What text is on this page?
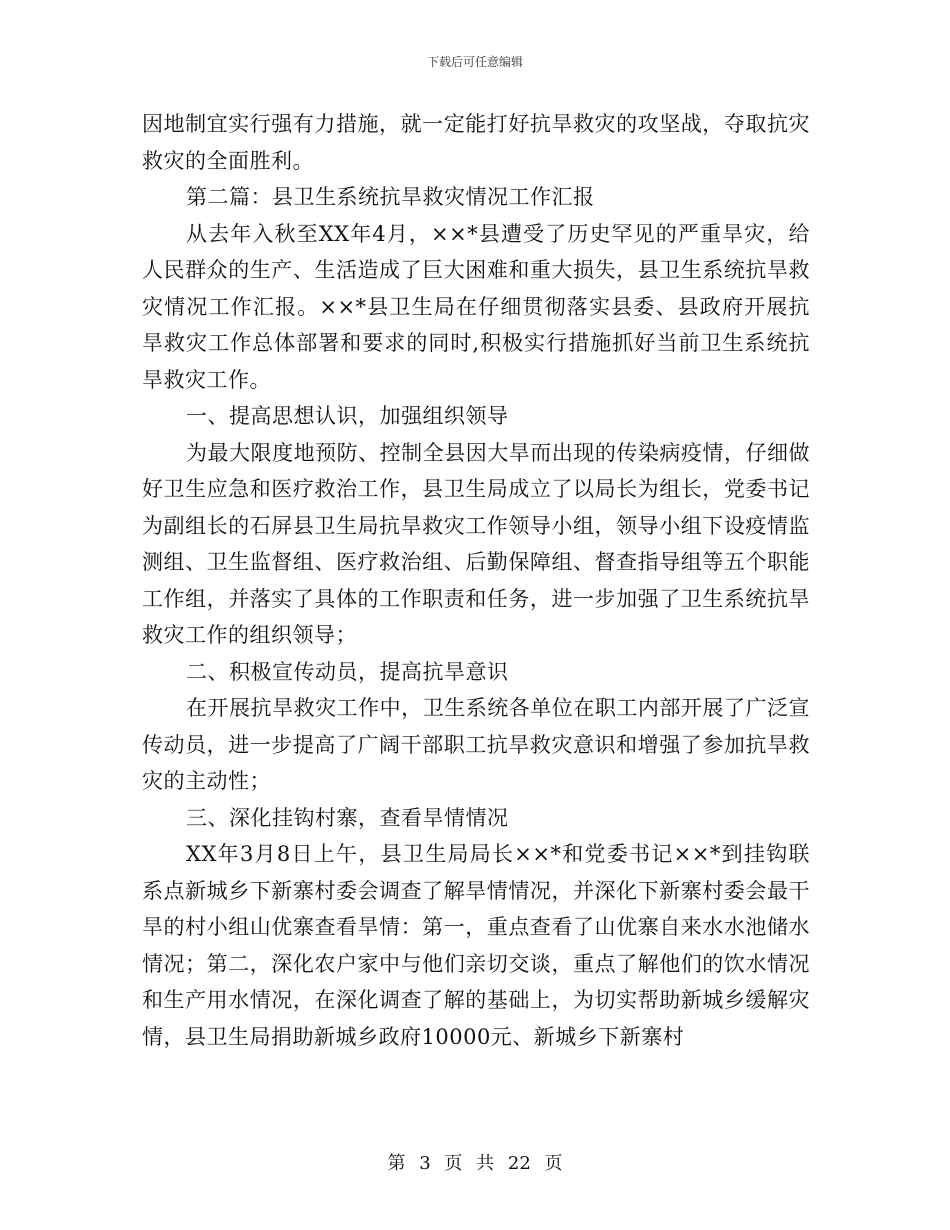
下载后可任意编辑

因地制宜实行强有力措施，就一定能打好抗旱救灾的攻坚战，夺取抗灾救灾的全面胜利。

第二篇：县卫生系统抗旱救灾情况工作汇报

从去年入秋至XX年4月，××*县遭受了历史罕见的严重旱灾，给人民群众的生产、生活造成了巨大困难和重大损失，县卫生系统抗旱救灾情况工作汇报。××*县卫生局在仔细贯彻落实县委、县政府开展抗旱救灾工作总体部署和要求的同时,积极实行措施抓好当前卫生系统抗旱救灾工作。

一、提高思想认识，加强组织领导

为最大限度地预防、控制全县因大旱而出现的传染病疫情，仔细做好卫生应急和医疗救治工作，县卫生局成立了以局长为组长，党委书记为副组长的石屏县卫生局抗旱救灾工作领导小组，领导小组下设疫情监测组、卫生监督组、医疗救治组、后勤保障组、督查指导组等五个职能工作组，并落实了具体的工作职责和任务，进一步加强了卫生系统抗旱救灾工作的组织领导；

二、积极宣传动员，提高抗旱意识

在开展抗旱救灾工作中，卫生系统各单位在职工内部开展了广泛宣传动员，进一步提高了广阔干部职工抗旱救灾意识和增强了参加抗旱救灾的主动性；

三、深化挂钩村寨，查看旱情情况

XX年3月8日上午，县卫生局局长××*和党委书记××*到挂钩联系点新城乡下新寨村委会调查了解旱情情况，并深化下新寨村委会最干旱的村小组山优寨查看旱情：第一，重点查看了山优寨自来水水池储水情况；第二，深化农户家中与他们亲切交谈，重点了解他们的饮水情况和生产用水情况，在深化调查了解的基础上，为切实帮助新城乡缓解灾情，县卫生局捐助新城乡政府10000元、新城乡下新寨村

第 3 页 共 22 页
